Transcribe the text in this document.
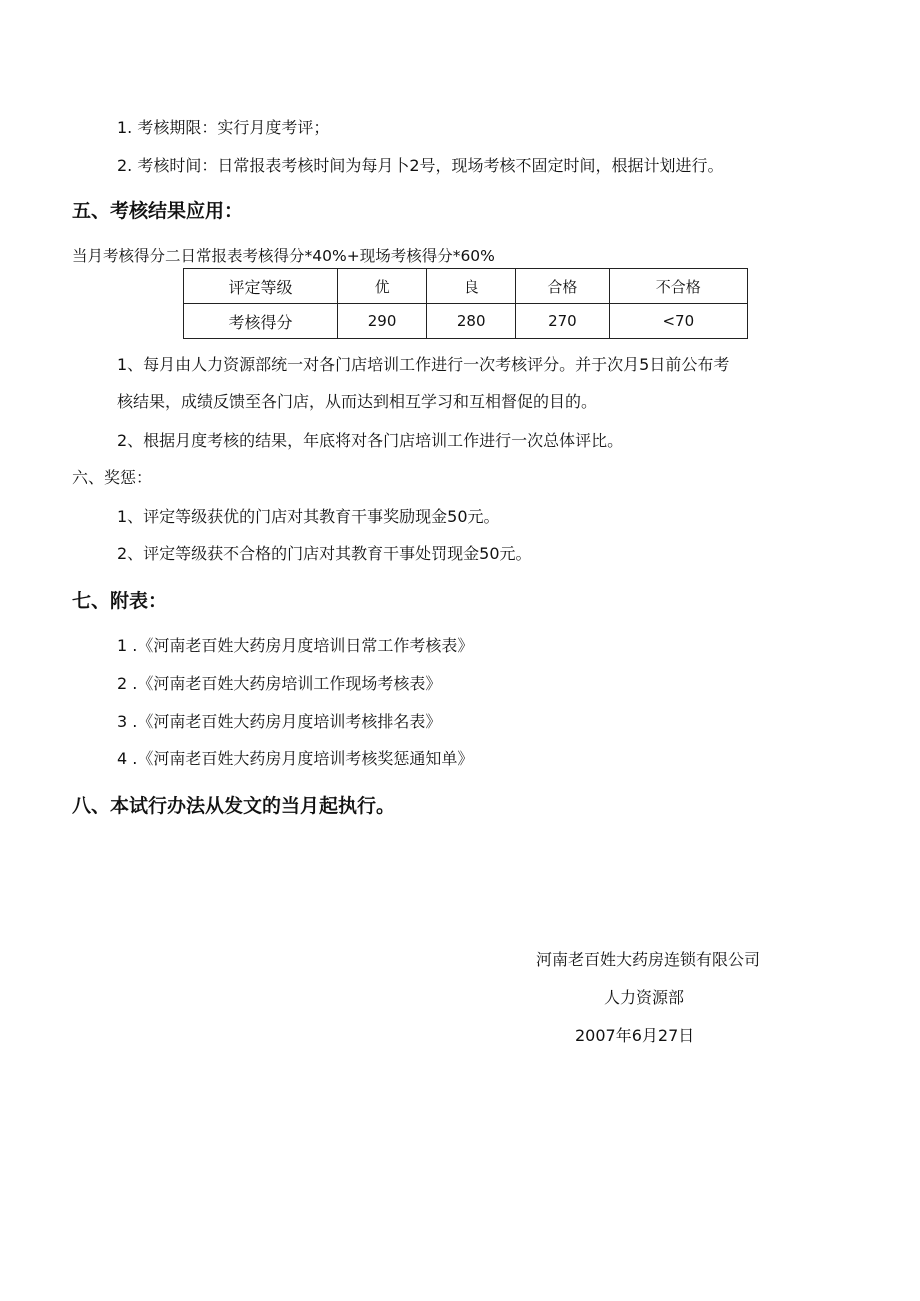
1. 考核期限：实行月度考评；
2. 考核时间：日常报表考核时间为每月卜2号，现场考核不固定时间，根据计划进行。
五、考核结果应用：
当月考核得分二日常报表考核得分*40%+现场考核得分*60%
评定等级	优	良	合格	不合格
考核得分	290	280	270	<70
1、每月由人力资源部统一对各门店培训工作进行一次考核评分。并于次月5日前公布考
核结果，成绩反馈至各门店，从而达到相互学习和互相督促的目的。
2、根据月度考核的结果，年底将对各门店培训工作进行一次总体评比。
六、奖惩：
1、评定等级获优的门店对其教育干事奖励现金50元。
2、评定等级获不合格的门店对其教育干事处罚现金50元。
七、附表：
1 .《河南老百姓大药房月度培训日常工作考核表》
2 .《河南老百姓大药房培训工作现场考核表》
3 .《河南老百姓大药房月度培训考核排名表》
4 .《河南老百姓大药房月度培训考核奖惩通知单》
八、本试行办法从发文的当月起执行。
河南老百姓大药房连锁有限公司
人力资源部
2007年6月27日
